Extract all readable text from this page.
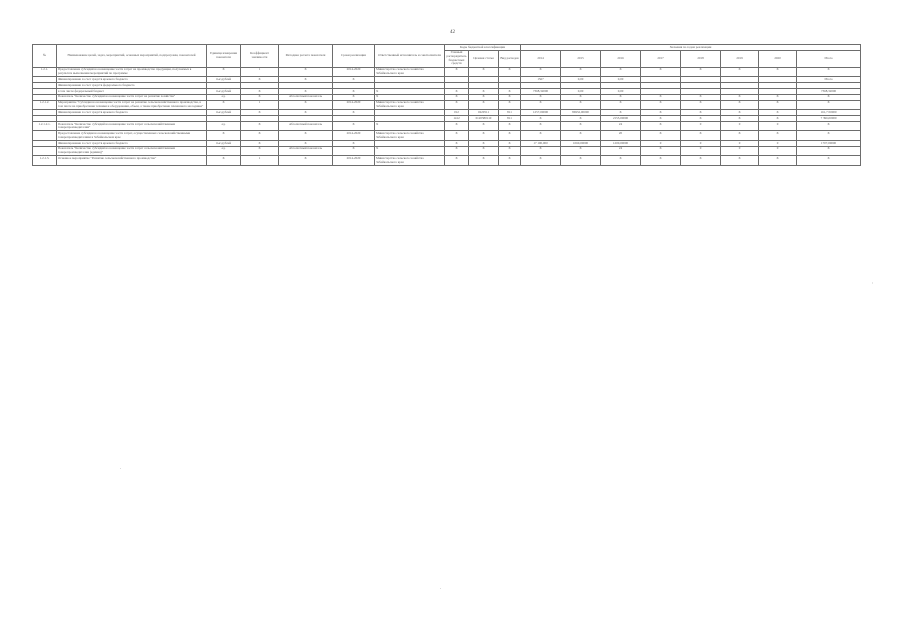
42
№	Наименование целей, задач, мероприятий, основных мероприятий, подпрограмм, показателей	Единица измерения показателя	Коэффициент значимости	Методика расчета показателя	Сроки реализации	Ответственный исполнитель и соисполнители	Коды бюджетной классификации			Значения по годам реализации							
							Главный распорядитель бюджетных средств	Целевая статья	Вид расходов	2014	2015	2016	2017	2018	2019	2020	Итого
1.2.1.	Предоставление субсидий на возмещение части затрат на производство продукции, получаемых в результате выполнения мероприятий по программе	Х	1	Х	2014-2020	Министерство сельского хозяйства Забайкальского края	Х	Х	Х	Х	Х	Х	Х	Х	Х	Х	Х
	Финансирование за счет средств краевого бюджета	тыс.рублей	Х	Х	Х					1567	0,00	0,00					Итого
	Финансирование за счет средств федерального бюджета																
	в том числе федеральный бюджет	тыс.рублей	Х	Х	Х	Х	Х	Х	Х	7368,32000	0,00	0,00					7368,32000
	Показатель "Количество субсидий на возмещение части затрат на развитие хозяйства"	ед.	Х	Абсолютный показатель	Х	Х	Х	Х	Х	Х	Х	Х	Х	Х	Х	Х	Х
1.2.1.2.	Мероприятие "Субсидия на возмещение части затрат на развитие сельскохозяйственного производства, в том числе на приобретение техники и оборудования, объем, а также приобретение племенного молодняка"	Х	1	Х	2014-2020	Министерство сельского хозяйства Забайкальского края	Х	Х	Х	Х	Х	Х	Х	Х	Х	Х	Х
	Финансирование за счет средств краевого бюджета	тыс.рублей	Х	Х	Х		012	0220511	811	1257,00000	86932,00000	Х	Х	Х	Х	Х	161,7 00000
							1412	0120580110	811	Х	Х	2155,00000	Х	Х	Х	Х	7 396,00000
1.2.1.2.1.	Показатель "Количество субсидий на возмещение части затрат сельскохозяйственным товаропроизводителям"	ед.	Х	Абсолютный показатель	Х	Х	Х	Х	Х	Х	Х	24	Х	0	0	0	Х
	Предоставление субсидии на возмещение части затрат, осуществленных сельскохозяйственными товаропроизводителями в Забайкальском крае	Х	Х	Х	2014-2020	Министерство сельского хозяйства Забайкальского края	Х	Х	Х	Х	Х	20	Х	Х	Х	Х	Х
	Финансирование за счет средств краевого бюджета	тыс.рублей	Х	Х	Х		Х	Х	Х	17 100,000	1060,00000	1200,00000	0	0	0	0	1707,00000
	Показатель "Количество субсидий на возмещение части затрат сельскохозяйственным товаропроизводителям (единиц)"	ед.	Х	Абсолютный показатель	Х	Х	Х	Х	Х	Х	Х	24	Х	0	0	0	Х
1.2.1.3.	Основное мероприятие "Развитие сельскохозяйственного производства"	Х	1	Х	2014-2020	Министерство сельского хозяйства Забайкальского края	Х	Х	Х	Х	Х	Х	Х	Х	Х	Х	Х
'
.
.
